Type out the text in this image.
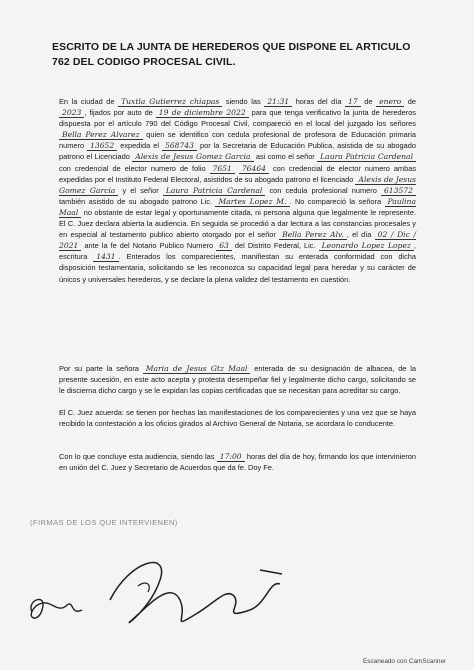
ESCRITO DE LA JUNTA DE HEREDEROS QUE DISPONE EL ARTICULO 762 DEL CODIGO PROCESAL CIVIL.
En la ciudad de Tuxtla Gutierrez chiapas siendo las 21:31 horas del día 17 de enero de 2023 , fijados por auto de 19 de diciembre 2022 para que tenga verificativo la junta de herederos dispuesta por el artículo 790 del Código Procesal Civil, compareció en el local del juzgado los señores Bella Perez Alvarez quien se identifico con cedula profesional de profesora de Educación primaria numero 13652 expedida el 568743 por la Secretaria de Educación Publica, asistida de su abogado patrono el Licenciado Alexis de Jesus Gomez Garcia asi como el señor Laura Patricia Cardenal con credencial de elector numero de folio 7651 76464 con credencial de elector numero ambas expedidas por el Instituto Federal Electoral, asistidos de su abogado patrono el licenciado Alexis de Jesus Gomez Garcia y el señor Laura Patricia Cardenal con cedula profesional numero 613572 también asistido de su abogado patrono Lic. Martes Lopez M. . No compareció la señora Paulina Maal no obstante de estar legal y oportunamente citada, ni persona alguna que legalmente le represente. El C. Juez declara abierta la audiencia. En seguida se procedió a dar lectura a las constancias procesales y en especial al testamento publico abierto otorgado por el señor Bella Perez Alv. , el día 02 / Dic / 2021 ante la fe del Notario Publico Numero 63 del Distrito Federal, Lic. Leonardo Lopez Lopez , escritura 1431 . Enterados los comparecientes, manifiestan su enterada conformidad con dicha disposición testamentaria, solicitando se les reconozca su capacidad legal para heredar y su carácter de únicos y universales herederos, y se declare la plena validez del testamento en cuestión.
Por su parte la señora Maria de Jesus Gtz Maal enterada de su designación de albacea, de la presente sucesión, en este acto acepta y protesta desempeñar fiel y legalmente dicho cargo, solicitando se le discierna dicho cargo y se le expidan las copias certificadas que se necesitan para acreditar su cargo.
El C. Juez acuerda: se tienen por hechas las manifestaciones de los comparecientes y una vez que se haya recibido la contestación a los oficios girados al Archivo General de Notaria, se acordara lo conducente.
Con lo que concluye esta audiencia, siendo las 17:00 horas del día de hoy, firmando los que intervinieron en unión del C. Juez y Secretario de Acuerdos que da fe. Doy Fe.
(FIRMAS DE LOS QUE INTERVIENEN)
Escaneado con CamScanner
